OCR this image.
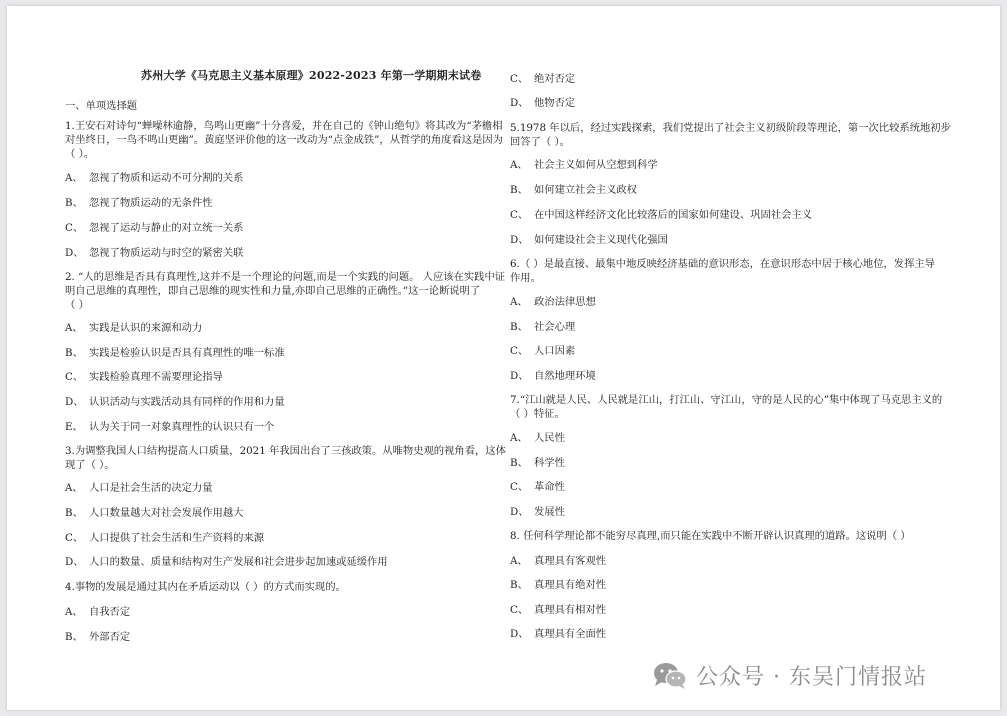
苏州大学《马克思主义基本原理》2022-2023 年第一学期期末试卷
一、单项选择题
1.王安石对诗句“蝉噪林逾静，鸟鸣山更幽”十分喜爱，并在自己的《钟山绝句》将其改为“茅檐相
对坐终日，一鸟不鸣山更幽”。黄庭坚评价他的这一改动为“点金成铁”，从哲学的角度看这是因为
（ ）。
A、 忽视了物质和运动不可分割的关系
B、 忽视了物质运动的无条件性
C、 忽视了运动与静止的对立统一关系
D、 忽视了物质运动与时空的紧密关联
2. “人的思维是否具有真理性,这并不是一个理论的问题,而是一个实践的问题。 人应该在实践中证
明自己思维的真理性，即自己思维的现实性和力量,亦即自己思维的正确性。”这一论断说明了
（ ）
A、 实践是认识的来源和动力
B、 实践是检验认识是否具有真理性的唯一标准
C、 实践检验真理不需要理论指导
D、 认识活动与实践活动具有同样的作用和力量
E、 认为关于同一对象真理性的认识只有一个
3.为调整我国人口结构提高人口质量，2021 年我国出台了三孩政策。从唯物史观的视角看，这体
现了（ ）。
A、 人口是社会生活的决定力量
B、 人口数量越大对社会发展作用越大
C、 人口提供了社会生活和生产资料的来源
D、 人口的数量、质量和结构对生产发展和社会进步起加速或延缓作用
4.事物的发展是通过其内在矛盾运动以（ ）的方式而实现的。
A、 自我否定
B、 外部否定
C、 绝对否定
D、 他物否定
5.1978 年以后，经过实践探索，我们党提出了社会主义初级阶段等理论，第一次比较系统地初步
回答了（ ）。
A、 社会主义如何从空想到科学
B、 如何建立社会主义政权
C、 在中国这样经济文化比较落后的国家如何建设、巩固社会主义
D、 如何建设社会主义现代化强国
6.（ ）是最直接、最集中地反映经济基础的意识形态，在意识形态中居于核心地位，发挥主导
作用。
A、 政治法律思想
B、 社会心理
C、 人口因素
D、 自然地理环境
7.“江山就是人民、人民就是江山，打江山、守江山，守的是人民的心”集中体现了马克思主义的
（ ）特征。
A、 人民性
B、 科学性
C、 革命性
D、 发展性
8. 任何科学理论都不能穷尽真理,而只能在实践中不断开辟认识真理的道路。这说明（ ）
A、 真理具有客观性
B、 真理具有绝对性
C、 真理具有相对性
D、 真理具有全面性
公众号 · 东吴门情报站
